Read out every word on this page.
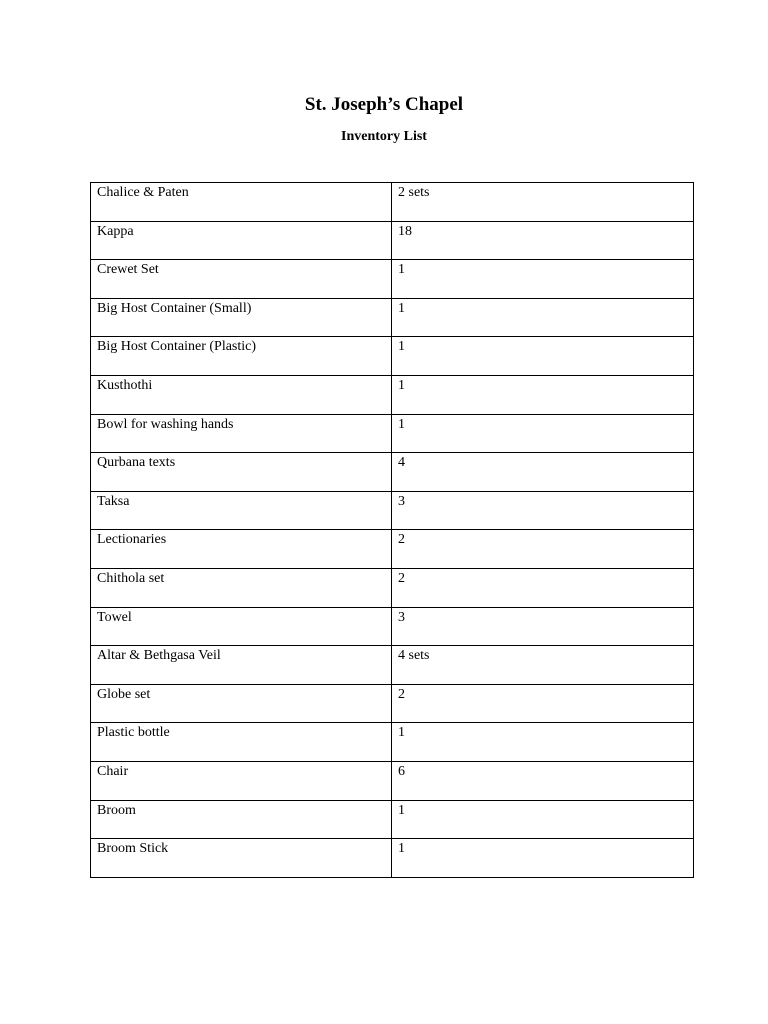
St. Joseph’s Chapel
Inventory List
Chalice & Paten	2 sets
Kappa	18
Crewet Set	1
Big Host Container (Small)	1
Big Host Container (Plastic)	1
Kusthothi	1
Bowl for washing hands	1
Qurbana texts	4
Taksa	3
Lectionaries	2
Chithola set	2
Towel	3
Altar & Bethgasa Veil	4 sets
Globe set	2
Plastic bottle	1
Chair	6
Broom	1
Broom Stick	1
